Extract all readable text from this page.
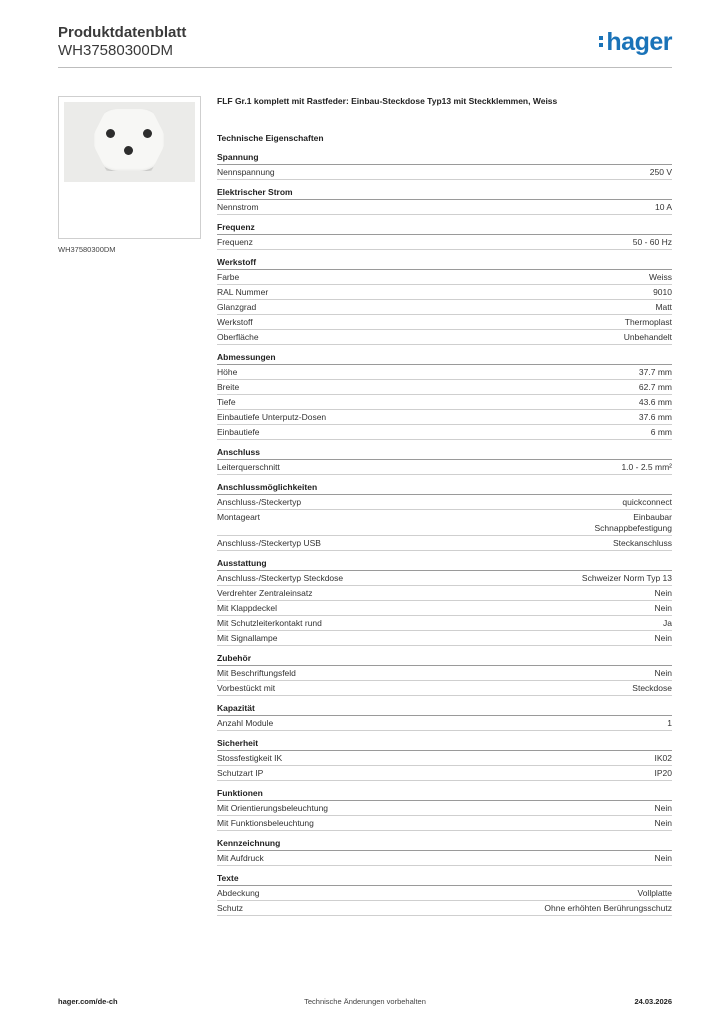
Produktdatenblatt
WH37580300DM	hager
WH37580300DM
FLF Gr.1 komplett mit Rastfeder: Einbau-Steckdose Typ13 mit Steckklemmen, Weiss
Technische Eigenschaften
Spannung
Nennspannung	250 V
Elektrischer Strom
Nennstrom	10 A
Frequenz
Frequenz	50 - 60 Hz
Werkstoff
Farbe	Weiss
RAL Nummer	9010
Glanzgrad	Matt
Werkstoff	Thermoplast
Oberfläche	Unbehandelt
Abmessungen
Höhe	37.7 mm
Breite	62.7 mm
Tiefe	43.6 mm
Einbautiefe Unterputz-Dosen	37.6 mm
Einbautiefe	6 mm
Anschluss
Leiterquerschnitt	1.0 - 2.5 mm²
Anschlussmöglichkeiten
Anschluss-/Steckertyp	quickconnect
Montageart	Einbaubar
Schnappbefestigung
Anschluss-/Steckertyp USB	Steckanschluss
Ausstattung
Anschluss-/Steckertyp Steckdose	Schweizer Norm Typ 13
Verdrehter Zentraleinsatz	Nein
Mit Klappdeckel	Nein
Mit Schutzleiterkontakt rund	Ja
Mit Signallampe	Nein
Zubehör
Mit Beschriftungsfeld	Nein
Vorbestückt mit	Steckdose
Kapazität
Anzahl Module	1
Sicherheit
Stossfestigkeit IK	IK02
Schutzart IP	IP20
Funktionen
Mit Orientierungsbeleuchtung	Nein
Mit Funktionsbeleuchtung	Nein
Kennzeichnung
Mit Aufdruck	Nein
Texte
Abdeckung	Vollplatte
Schutz	Ohne erhöhten Berührungsschutz
Technische Änderungen vorbehalten
hager.com/de-ch	24.03.2026
